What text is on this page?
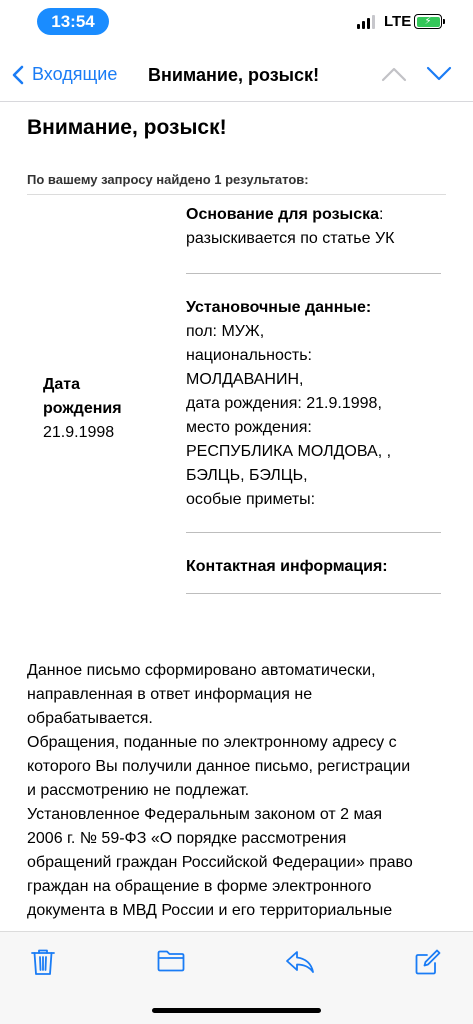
13:54	LTE	⚡
Входящие Внимание, розыск!
Внимание, розыск!
По вашему запросу найдено 1 результатов:
Дата
рождения
21.9.1998
Основание для розыска:
разыскивается по статье УК
Установочные данные:
пол: МУЖ,
национальность:
МОЛДАВАНИН,
дата рождения: 21.9.1998,
место рождения:
РЕСПУБЛИКА МОЛДОВА, ,
БЭЛЦЬ, БЭЛЦЬ,
особые приметы:
Контактная информация:
Данное письмо сформировано автоматически,
направленная в ответ информация не
обрабатывается.
Обращения, поданные по электронному адресу с
которого Вы получили данное письмо, регистрации
и рассмотрению не подлежат.
Установленное Федеральным законом от 2 мая
2006 г. № 59-ФЗ «О порядке рассмотрения
обращений граждан Российской Федерации» право
граждан на обращение в форме электронного
документа в МВД России и его территориальные
